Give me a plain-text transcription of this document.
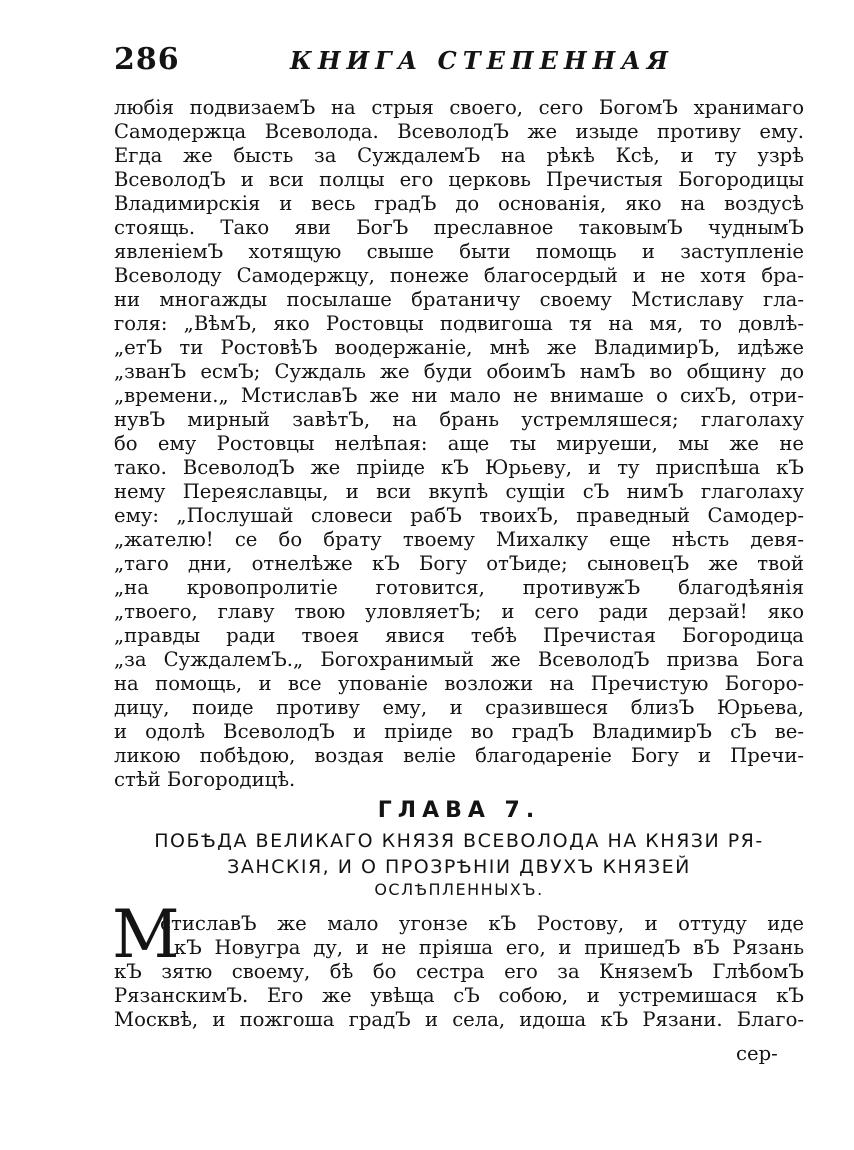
286	КНИГА СТЕПЕННАЯ
любія подвизаемЪ на стрыя своего, сего БогомЪ хранимаго
Самодержца Всеволода. ВсеволодЪ же изыде противу ему.
Егда же бысть за СуждалемЪ на рѣкѣ Ксѣ, и ту узрѣ
ВсеволодЪ и вси полцы его церковь Пречистыя Богородицы
Владимирскія и весь градЪ до основанія, яко на воздусѣ
стоящь. Тако яви БогЪ преславное таковымЪ чуднымЪ
явленіемЪ хотящую свыше быти помощь и заступленіе
Всеволоду Самодержцу, понеже благосердый и не хотя бра-
ни многажды посылаше братаничу своему Мстиславу гла-
голя: „ВѣмЪ, яко Ростовцы подвигоша тя на мя, то довлѣ-
„етЪ ти РостовѣЪ воодержаніе, мнѣ же ВладимирЪ, идѣже
„званЪ есмЪ; Суждаль же буди обоимЪ намЪ во общину до
„времени.„ МстиславЪ же ни мало не внимаше о сихЪ, отри-
нувЪ мирный завѣтЪ, на брань устремляшеся; глаголаху
бо ему Ростовцы нелѣпая: аще ты мируеши, мы же не
тако. ВсеволодЪ же пріиде кЪ Юрьеву, и ту приспѣша кЪ
нему Переяславцы, и вси вкупѣ сущіи сЪ нимЪ глаголаху
ему: „Послушай словеси рабЪ твоихЪ, праведный Самодер-
„жателю! се бо брату твоему Михалку еще нѣсть девя-
„таго дни, отнелѣже кЪ Богу отЪиде; сыновецЪ же твой
„на кровопролитіе готовится, противужЪ благодѣянія
„твоего, главу твою уловляетЪ; и сего ради дерзай! яко
„правды ради твоея явися тебѣ Пречистая Богородица
„за СуждалемЪ.„ Богохранимый же ВсеволодЪ призва Бога
на помощь, и все упованіе возложи на Пречистую Богоро-
дицу, поиде противу ему, и сразившеся близЪ Юрьева,
и одолѣ ВсеволодЪ и пріиде во градЪ ВладимирЪ сЪ ве-
ликою побѣдою, воздая веліе благодареніе Богу и Пречи-
стѣй Богородицѣ.
ГЛАВА 7.
ПОБѢДА ВЕЛИКАГО КНЯЗЯ ВСЕВОЛОДА НА КНЯЗИ РЯ-
ЗАНСКІЯ, И О ПРОЗРѢНІИ ДВУХЪ КНЯЗЕЙ
ОСЛѢПЛЕННЫХЪ.
М
стиславЪ же мало угонзе кЪ Ростову, и оттуду иде
кЪ Новугра ду, и не пріяша его, и пришедЪ вЪ Рязань
кЪ зятю своему, бѣ бо сестра его за КняземЪ ГлѣбомЪ
РязанскимЪ. Его же увѣща сЪ собою, и устремишася кЪ
Москвѣ, и пожгоша градЪ и села, идоша кЪ Рязани. Благо-
сер-
